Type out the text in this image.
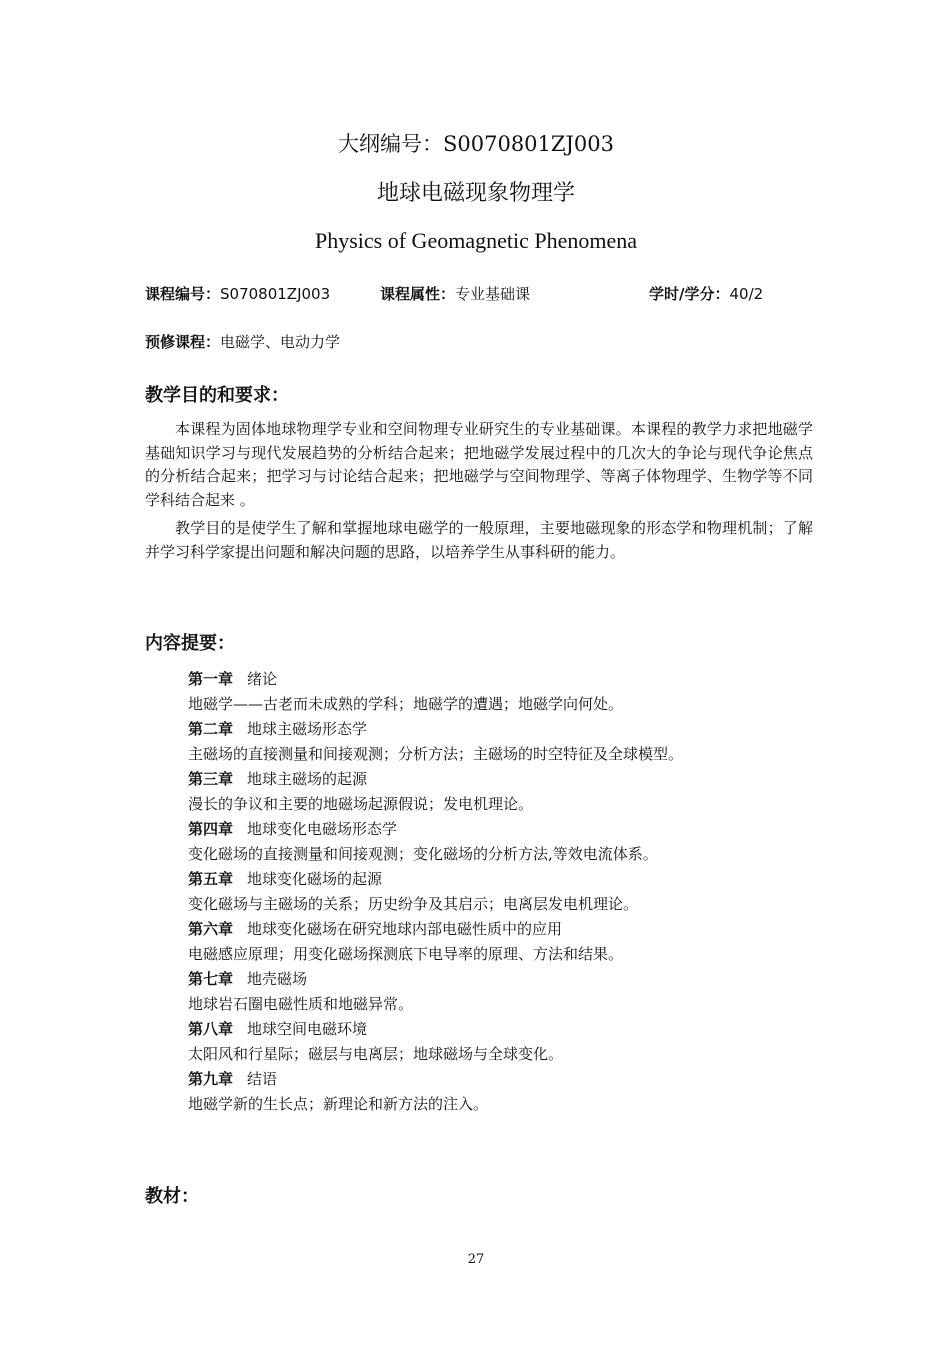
大纲编号：S0070801ZJ003
地球电磁现象物理学
Physics of Geomagnetic Phenomena
课程编号：S070801ZJ003	课程属性：专业基础课	学时/学分：40/2
预修课程：电磁学、电动力学
教学目的和要求：
本课程为固体地球物理学专业和空间物理专业研究生的专业基础课。本课程的教学力求把地磁学基础知识学习与现代发展趋势的分析结合起来；把地磁学发展过程中的几次大的争论与现代争论焦点的分析结合起来；把学习与讨论结合起来；把地磁学与空间物理学、等离子体物理学、生物学等不同学科结合起来 。
教学目的是使学生了解和掌握地球电磁学的一般原理，主要地磁现象的形态学和物理机制；了解并学习科学家提出问题和解决问题的思路，以培养学生从事科研的能力。
内容提要：
第一章 绪论
地磁学——古老而未成熟的学科；地磁学的遭遇；地磁学向何处。
第二章 地球主磁场形态学
主磁场的直接测量和间接观测；分析方法；主磁场的时空特征及全球模型。
第三章 地球主磁场的起源
漫长的争议和主要的地磁场起源假说；发电机理论。
第四章 地球变化电磁场形态学
变化磁场的直接测量和间接观测；变化磁场的分析方法,等效电流体系。
第五章 地球变化磁场的起源
变化磁场与主磁场的关系；历史纷争及其启示；电离层发电机理论。
第六章 地球变化磁场在研究地球内部电磁性质中的应用
电磁感应原理；用变化磁场探测底下电导率的原理、方法和结果。
第七章 地壳磁场
地球岩石圈电磁性质和地磁异常。
第八章 地球空间电磁环境
太阳风和行星际；磁层与电离层；地球磁场与全球变化。
第九章 结语
地磁学新的生长点；新理论和新方法的注入。
教材：
27
